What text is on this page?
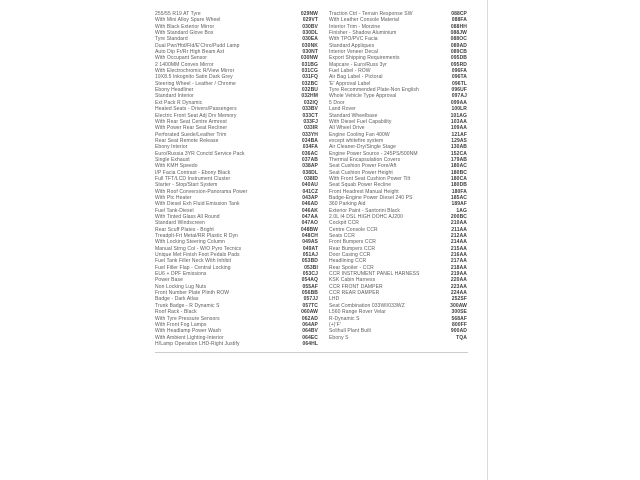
255/55 R19 AT Tyre	029NW
With Mini Alloy Spare Wheel	029VT
With Black Exterior Mirror	030BV
With Standard Glove Box	030DL
Tyre Standard	030EA
Dual Pwr/Htd/Fld/E'Chro/Pudd Lamp	030NK
Auto Dip Fr/Rr High Beam Ast	030NT
With Occupant Sensor	030NW
2 1400MM Convex Mirror	031BG
With Electrochromic R/View Mirror	031CG
19X8.5 Inkognito Satin Dark Grey	031FQ
Steering Wheel - Leather / Chrome	032BC
Ebony Headliner	032BU
Standard Interior	032HM
Ext Pack R Dynamic	032IQ
Heated Seats - Drivers/Passengers	033BV
Electric Front Seat Adj Drv Memory	033CT
With Rear Seat Centre Armrest	033FJ
With Power Rear Seat Recliner	033IR
Perforated Suede/Leather Trim	033YH
Rear Seat Remote Release	034BA
Ebony Interior	034FA
Euro/Russia 3YR Conctd Service Pack	036AC
Single Exhaust	037AB
With KMH Speedo	038AP
I/P Facia Contrast - Ebony Black	038DL
Full TFT/LCD Instrument Cluster	038ID
Starter - Stop/Start System	040AU
With Roof Conversion-Panorama Power	041CZ
With Ptc Heater	043AP
With Diesel Exh Fluid Emission Tank	046AD
Fuel Tank-Diesel	046AK
With Tinted Glass All Round	047AA
Standard Windscreen	047AO
Rear Scuff Plates - Bright	048BW
Treadplt-Frt Metal/RR Plastic R Dyn	048CH
With Locking Steering Column	049AS
Manual Strng Col - W/O Pyro Tecnics	049AT
Unique Met Finish Foot Pedals Pads	051AJ
Fuel Tank Filler Neck With Inhibit	053BD
Fuel Filler Flap - Central Locking	053BI
EU6 + DPF Emissions	053CJ
Power Base	054AQ
Non Locking Lug Nuts	055AF
Front Number Plate Plinth ROW	056BB
Badge - Dark Atlas	057JJ
Trunk Badge - R Dynamic S	057TC
Roof Rack - Black	060AW
With Tyre Pressure Sensors	062AD
With Front Fog Lamps	064AP
With Headlamp Power Wash	064BV
With Ambient Lighting-Interior	064EC
H/Lamp Operation LHD-Right Justify	064HL
Traction Ctrl - Terrain Response SW	088CP
With Leather Console Material	088FA
Interior Trim - Morzine	088HH
Finisher - Shadow Aluminium	088JW
With TPO/PVC Facia	088OC
Standard Appliques	089AD
Interior Veneer Decal	089CB
Export Shipping Requirements	095DB
Mapcare - Euro/Russ 3yr	095RD
Fuel Label - ROW	096FA
Air Bag Label - Pictoral	096TA
'E' Approval Label	096TL
Tyre Recommended Plate-Non English	096UF
Whole Vehicle Type Approval	097AJ
5 Door	099AA
Land Rover	100LR
Standard Wheelbase	101AG
With Diesel Fuel Capability	103AA
All Wheel Drive	109AA
Engine Cooling Fan 400W	121AF
except whitefire system	129AS
Air Cleaner-Dry/Single Stage	130AB
Engine Power Source - 245PS/500NM	152CA
Thermal Encapsulation Covers	179AB
Seat Cushion Power Fore/Aft	180AC
Seat Cushion Power Height	180BC
With Front Seat Cushion Power Tilt	180CA
Seat Squab Power Recline	180DB
Front Headrest Manual Height	180FA
Badge-Engine Power Diesel 240 PS	185AC
360 Parking Aid	189AF
Exterior Paint - Santorini Black	1AG
2.0L I4 DSL HIGH DOHC AJ200	200BC
Cockpit CCR	210AA
Centre Console CCR	211AA
Seats CCR	212AA
Front Bumpers CCR	214AA
Rear Bumpers CCR	215AA
Door Casing CCR	216AA
Headlining CCR	217AA
Rear Spoiler - CCR	218AA
CCR INSTRUMENT PANEL HARNESS	219AA
KSK Cabin Harness	220AA
CCR FRONT DAMPER	223AA
CCR REAR DAMPER	224AA
LHD	252SF
Seat Combination 033WI/033WZ	300AW
L560 Range Rover Velar	300SE
R-Dynamic S	568AF
(+)'F'	800FF
Solihull Plant Built	900AD
Ebony S	TQA
